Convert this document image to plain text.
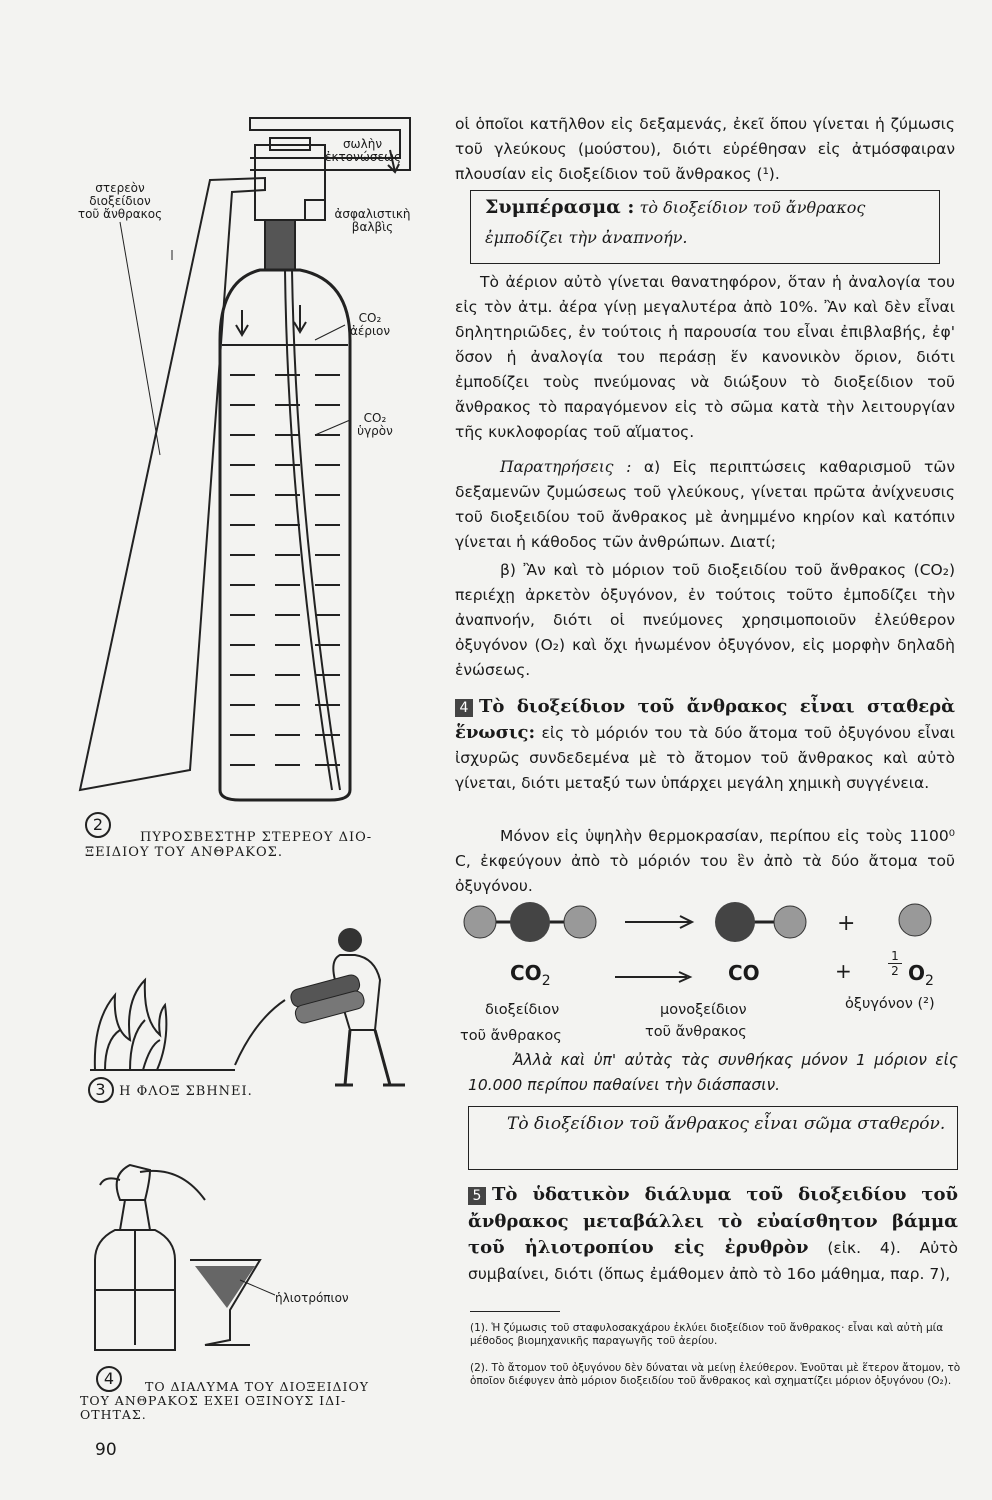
στερεὸν
διοξείδιον
τοῦ ἄνθρακος
σωλὴν
ἐκτονώσεως
ἀσφαλιστικὴ
βαλβὶς
CO₂
ἀέριον
CO₂
ὑγρὸν
2
ΠΥΡΟΣΒΕΣΤΗΡ ΣΤΕΡΕΟΥ ΔΙΟ-
ΞΕΙΔΙΟΥ ΤΟΥ ΑΝΘΡΑΚΟΣ.
3 Η ΦΛΟΞ ΣΒΗΝΕΙ.
ἡλιοτρόπιον
4	ΤΟ ΔΙΑΛΥΜΑ ΤΟΥ ΔΙΟΞΕΙΔΙΟΥ
ΤΟΥ ΑΝΘΡΑΚΟΣ ΕΧΕΙ ΟΞΙΝΟΥΣ ΙΔΙ-
ΟΤΗΤΑΣ.
90
οἱ ὁποῖοι κατῆλθον εἰς δεξαμενάς, ἐκεῖ ὅπου γίνεται ἡ ζύμωσις τοῦ γλεύκους (μούστου), διότι εὑρέθησαν εἰς ἀτμόσφαιραν πλουσίαν εἰς διοξείδιον τοῦ ἄνθρακος (¹).
Συμπέρασμα : τὸ διοξείδιον τοῦ ἄνθρακος ἐμποδίζει τὴν ἀναπνοήν.
Τὸ ἀέριον αὐτὸ γίνεται θανατηφόρον, ὅταν ἡ ἀναλογία του εἰς τὸν ἀτμ. ἀέρα γίνῃ μεγαλυτέρα ἀπὸ 10%. Ἂν καὶ δὲν εἶναι δηλητηριῶδες, ἐν τούτοις ἡ παρουσία του εἶναι ἐπιβλαβής, ἐφ' ὅσον ἡ ἀναλογία του περάσῃ ἕν κανονικὸν ὅριον, διότι ἐμποδίζει τοὺς πνεύμονας νὰ διώξουν τὸ διοξείδιον τοῦ ἄνθρακος τὸ παραγόμενον εἰς τὸ σῶμα κατὰ τὴν λειτουργίαν τῆς κυκλοφορίας τοῦ αἵματος.
Παρατηρήσεις : α) Εἰς περιπτώσεις καθαρισμοῦ τῶν δεξαμενῶν ζυμώσεως τοῦ γλεύκους, γίνεται πρῶτα ἀνίχνευσις τοῦ διοξειδίου τοῦ ἄνθρακος μὲ ἀνημμένο κηρίον καὶ κατόπιν γίνεται ἡ κάθοδος τῶν ἀνθρώπων. Διατί;
β) Ἂν καὶ τὸ μόριον τοῦ διοξειδίου τοῦ ἄνθρακος (CO₂) περιέχῃ ἀρκετὸν ὀξυγόνον, ἐν τούτοις τοῦτο ἐμποδίζει τὴν ἀναπνοήν, διότι οἱ πνεύμονες χρησιμοποιοῦν ἐλεύθερον ὀξυγόνον (O₂) καὶ ὄχι ἡνωμένον ὀξυγόνον, εἰς μορφὴν δηλαδὴ ἑνώσεως.
4 Τὸ διοξείδιον τοῦ ἄνθρακος εἶναι σταθερὰ ἕνωσις: εἰς τὸ μόριόν του τὰ δύο ἄτομα τοῦ ὀξυγόνου εἶναι ἰσχυρῶς συνδεδεμένα μὲ τὸ ἄτομον τοῦ ἄνθρακος καὶ αὐτὸ γίνεται, διότι μεταξύ των ὑπάρχει μεγάλη χημικὴ συγγένεια.
Μόνον εἰς ὑψηλὴν θερμοκρασίαν, περίπου εἰς τοὺς 1100⁰ C, ἐκφεύγουν ἀπὸ τὸ μόριόν του ἓν ἀπὸ τὰ δύο ἄτομα τοῦ ὀξυγόνου.
+
$CO_2$	CO	+	$\frac{1}{2} O_2$
διοξείδιον
τοῦ ἄνθρακος
μονοξείδιον
τοῦ ἄνθρακος
ὀξυγόνον (²)
Ἀλλὰ καὶ ὑπ' αὐτὰς τὰς συνθήκας μόνον 1 μόριον εἰς 10.000 περίπου παθαίνει τὴν διάσπασιν.
Τὸ διοξείδιον τοῦ ἄνθρακος εἶναι σῶμα σταθερόν.
5 Τὸ ὑδατικὸν διάλυμα τοῦ διοξειδίου τοῦ ἄνθρακος μεταβάλλει τὸ εὐαίσθητον βάμμα τοῦ ἡλιοτροπίου εἰς ἐρυθρὸν (εἰκ. 4). Αὐτὸ συμβαίνει, διότι (ὅπως ἐμάθομεν ἀπὸ τὸ 16ο μάθημα, παρ. 7),
(1). Ἡ ζύμωσις τοῦ σταφυλοσακχάρου ἐκλύει διοξείδιον τοῦ ἄνθρακος· εἶναι καὶ αὐτὴ μία μέθοδος βιομηχανικῆς παραγωγῆς τοῦ ἀερίου.
(2). Τὸ ἄτομον τοῦ ὀξυγόνου δὲν δύναται νὰ μείνῃ ἐλεύθερον. Ἑνοῦται μὲ ἕτερον ἄτομον, τὸ ὁποῖον διέφυγεν ἀπὸ μόριον διοξειδίου τοῦ ἄνθρακος καὶ σχηματίζει μόριον ὀξυγόνου (O₂).
